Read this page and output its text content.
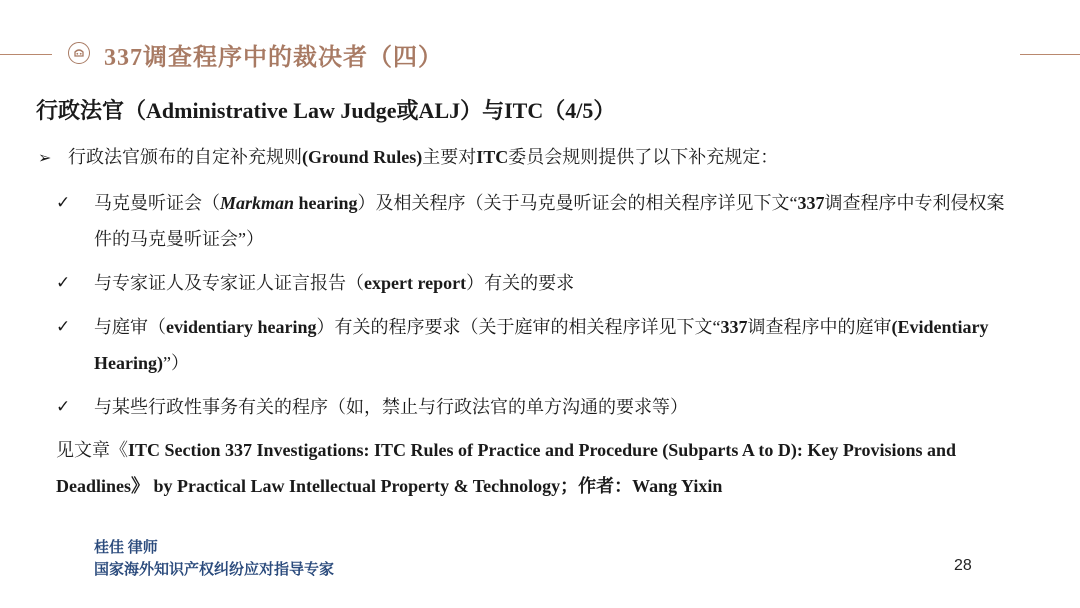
337调查程序中的裁决者（四）
行政法官（Administrative Law Judge或ALJ）与ITC（4/5）
➢ 行政法官颁布的自定补充规则(Ground Rules)主要对ITC委员会规则提供了以下补充规定：
✓ 马克曼听证会（Markman hearing）及相关程序（关于马克曼听证会的相关程序详见下文“337调查程序中专利侵权案件的马克曼听证会”）
✓ 与专家证人及专家证人证言报告（expert report）有关的要求
✓ 与庭审（evidentiary hearing）有关的程序要求（关于庭审的相关程序详见下文“337调查程序中的庭审(Evidentiary Hearing)”）
✓ 与某些行政性事务有关的程序（如，禁止与行政法官的单方沟通的要求等）
见文章《ITC Section 337 Investigations: ITC Rules of Practice and Procedure (Subparts A to D): Key Provisions and Deadlines》 by Practical Law Intellectual Property & Technology；作者：Wang Yixin
桂佳 律师
国家海外知识产权纠纷应对指导专家	28
